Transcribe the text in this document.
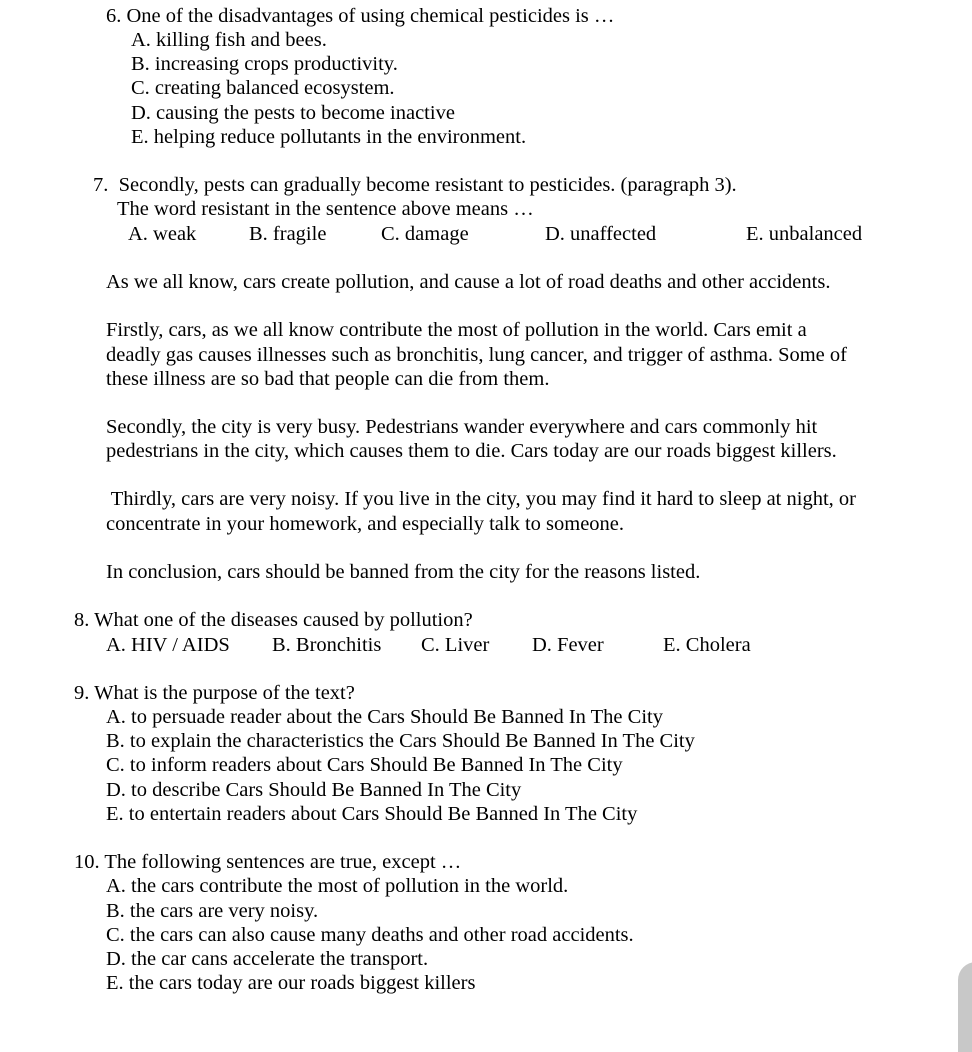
6. One of the disadvantages of using chemical pesticides is …
A. killing fish and bees.
B. increasing crops productivity.
C. creating balanced ecosystem.
D. causing the pests to become inactive
E. helping reduce pollutants in the environment.
7.  Secondly, pests can gradually become resistant to pesticides. (paragraph 3).
The word resistant in the sentence above means …
A. weak	B. fragile	C. damage	D. unaffected	E. unbalanced
As we all know, cars create pollution, and cause a lot of road deaths and other accidents.
Firstly, cars, as we all know contribute the most of pollution in the world. Cars emit a
deadly gas causes illnesses such as bronchitis, lung cancer, and trigger of asthma. Some of
these illness are so bad that people can die from them.
Secondly, the city is very busy. Pedestrians wander everywhere and cars commonly hit
pedestrians in the city, which causes them to die. Cars today are our roads biggest killers.
Thirdly, cars are very noisy. If you live in the city, you may find it hard to sleep at night, or
concentrate in your homework, and especially talk to someone.
In conclusion, cars should be banned from the city for the reasons listed.
8. What one of the diseases caused by pollution?
A. HIV / AIDS B. Bronchitis C. Liver D. Fever	E. Cholera
9. What is the purpose of the text?
A. to persuade reader about the Cars Should Be Banned In The City
B. to explain the characteristics the Cars Should Be Banned In The City
C. to inform readers about Cars Should Be Banned In The City
D. to describe Cars Should Be Banned In The City
E. to entertain readers about Cars Should Be Banned In The City
10. The following sentences are true, except …
A. the cars contribute the most of pollution in the world.
B. the cars are very noisy.
C. the cars can also cause many deaths and other road accidents.
D. the car cans accelerate the transport.
E. the cars today are our roads biggest killers
